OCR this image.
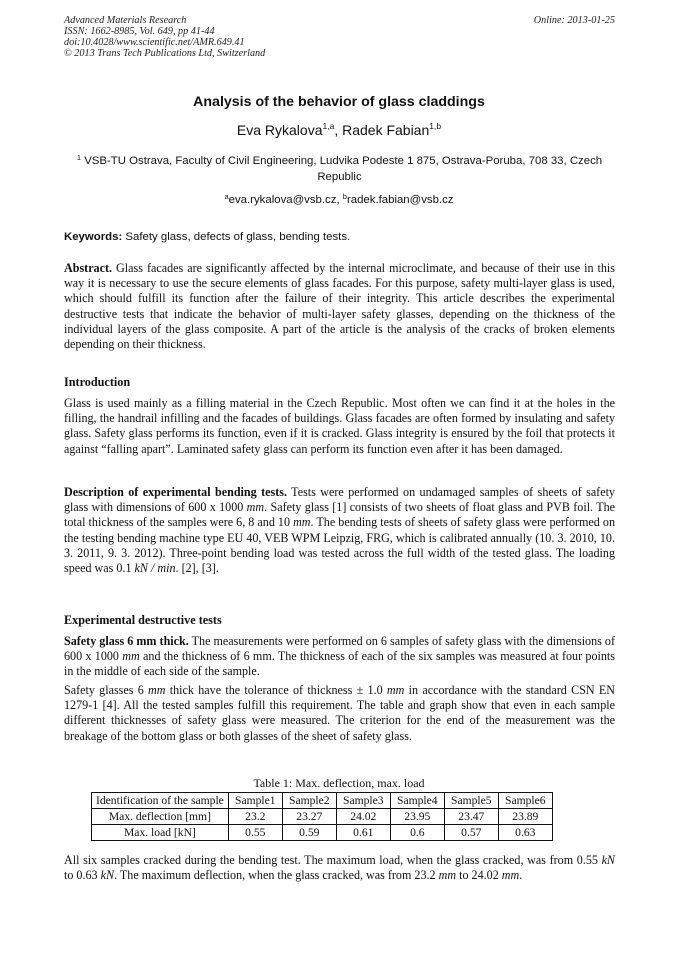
Advanced Materials Research
ISSN: 1662-8985, Vol. 649, pp 41-44
doi:10.4028/www.scientific.net/AMR.649.41
© 2013 Trans Tech Publications Ltd, Switzerland
Online: 2013-01-25
Analysis of the behavior of glass claddings
Eva Rykalova$^{1,a}$, Radek Fabian$^{1,b}$
$^1$ VSB-TU Ostrava, Faculty of Civil Engineering, Ludvika Podeste 1 875, Ostrava-Poruba, 708 33, Czech Republic
$^a$eva.rykalova@vsb.cz, $^b$radek.fabian@vsb.cz
Keywords: Safety glass, defects of glass, bending tests.
Abstract. Glass facades are significantly affected by the internal microclimate, and because of their use in this way it is necessary to use the secure elements of glass facades. For this purpose, safety multi-layer glass is used, which should fulfill its function after the failure of their integrity. This article describes the experimental destructive tests that indicate the behavior of multi-layer safety glasses, depending on the thickness of the individual layers of the glass composite. A part of the article is the analysis of the cracks of broken elements depending on their thickness.
Introduction
Glass is used mainly as a filling material in the Czech Republic. Most often we can find it at the holes in the filling, the handrail infilling and the facades of buildings. Glass facades are often formed by insulating and safety glass. Safety glass performs its function, even if it is cracked. Glass integrity is ensured by the foil that protects it against “falling apart”. Laminated safety glass can perform its function even after it has been damaged.
Description of experimental bending tests. Tests were performed on undamaged samples of sheets of safety glass with dimensions of 600 x 1000 mm. Safety glass [1] consists of two sheets of float glass and PVB foil. The total thickness of the samples were 6, 8 and 10 mm. The bending tests of sheets of safety glass were performed on the testing bending machine type EU 40, VEB WPM Leipzig, FRG, which is calibrated annually (10. 3. 2010, 10. 3. 2011, 9. 3. 2012). Three-point bending load was tested across the full width of the tested glass. The loading speed was 0.1 kN / min. [2], [3].
Experimental destructive tests
Safety glass 6 mm thick. The measurements were performed on 6 samples of safety glass with the dimensions of 600 x 1000 mm and the thickness of 6 mm. The thickness of each of the six samples was measured at four points in the middle of each side of the sample.
Safety glasses 6 mm thick have the tolerance of thickness ± 1.0 mm in accordance with the standard CSN EN 1279-1 [4]. All the tested samples fulfill this requirement. The table and graph show that even in each sample different thicknesses of safety glass were measured. The criterion for the end of the measurement was the breakage of the bottom glass or both glasses of the sheet of safety glass.
Table 1: Max. deflection, max. load
Identification of the sample	Sample1	Sample2	Sample3	Sample4	Sample5	Sample6
Max. deflection [mm]	23.2	23.27	24.02	23.95	23.47	23.89
Max. load [kN]	0.55	0.59	0.61	0.6	0.57	0.63
All six samples cracked during the bending test. The maximum load, when the glass cracked, was from 0.55 kN to 0.63 kN. The maximum deflection, when the glass cracked, was from 23.2 mm to 24.02 mm.
